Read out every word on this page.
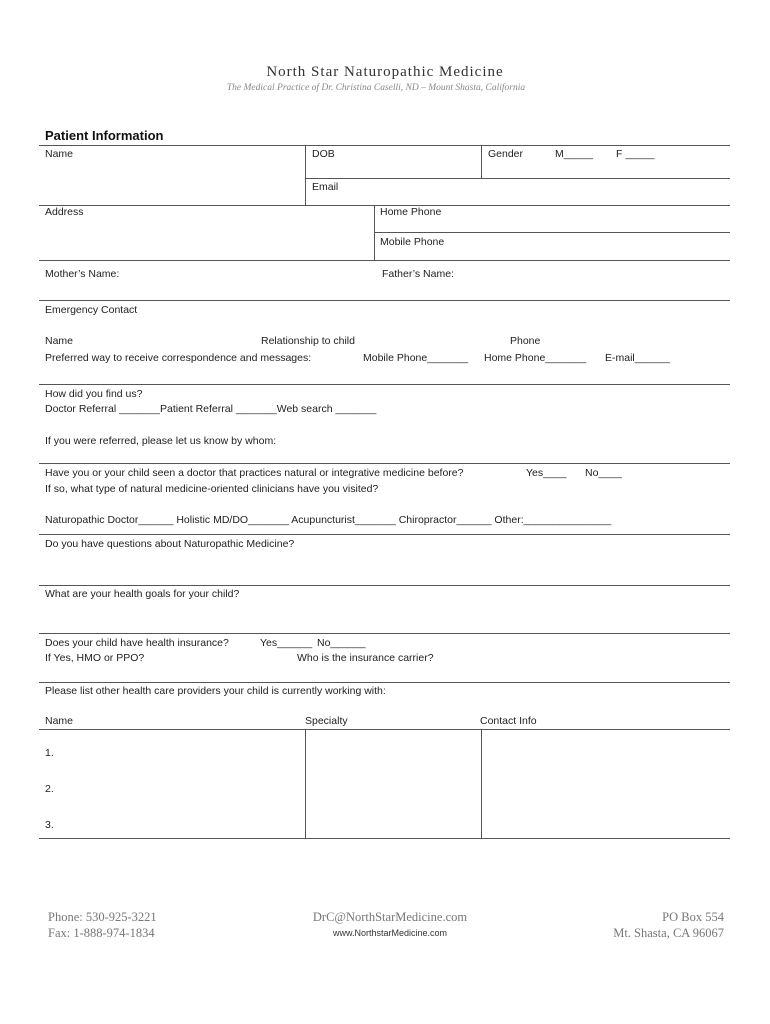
North Star Naturopathic Medicine
The Medical Practice of Dr. Christina Caselli, ND – Mount Shasta, California
Patient Information
Name	DOB	Gender	M_____ F _____
Email
Address	Home Phone
Mobile Phone
Mother’s Name:	Father’s Name:
Emergency Contact
Name	Relationship to child	Phone
Preferred way to receive correspondence and messages:	Mobile Phone_______ Home Phone_______ E-mail______
How did you find us?
Doctor Referral _______Patient Referral _______Web search _______
If you were referred, please let us know by whom:
Have you or your child seen a doctor that practices natural or integrative medicine before?	Yes____ No____
If so, what type of natural medicine-oriented clinicians have you visited?
Naturopathic Doctor______ Holistic MD/DO_______ Acupuncturist_______ Chiropractor______ Other:_______________
Do you have questions about Naturopathic Medicine?
What are your health goals for your child?
Does your child have health insurance?	Yes______ No______
If Yes, HMO or PPO?	Who is the insurance carrier?
Please list other health care providers your child is currently working with:
Name	Specialty	Contact Info
1.
2.
3.
Phone: 530-925-3221
Fax: 1-888-974-1834
DrC@NorthStarMedicine.com
www.NorthstarMedicine.com
PO Box 554
Mt. Shasta, CA 96067
